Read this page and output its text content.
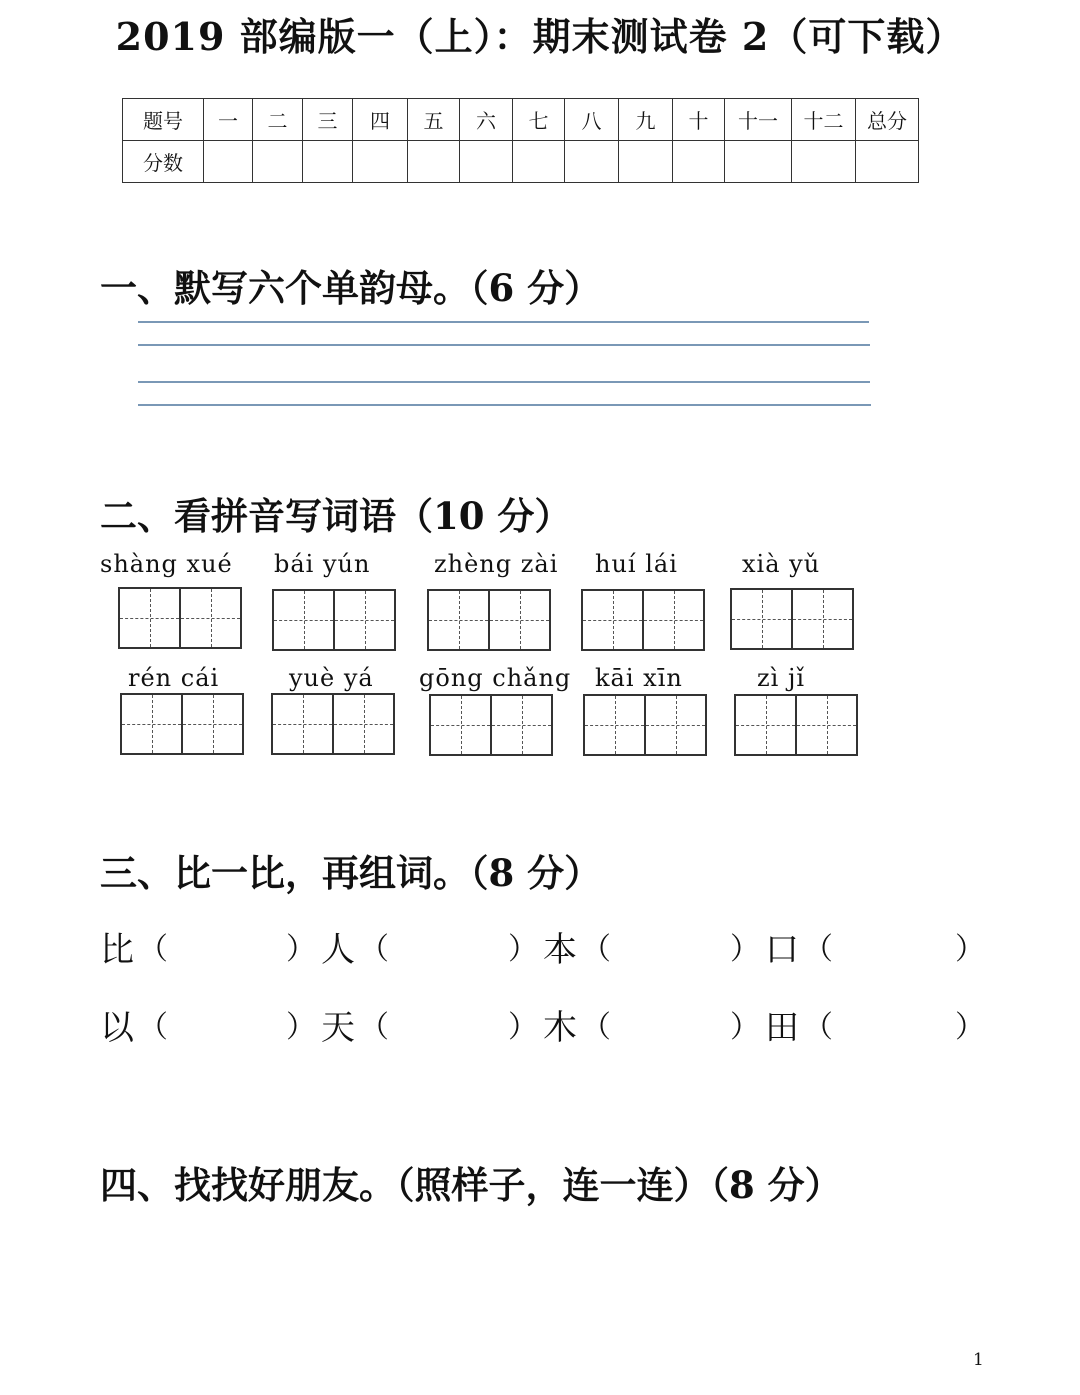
2019 部编版一（上）：期末测试卷 2（可下载）
题号	一	二	三	四	五	六	七	八	九	十	十一	十二	总分
分数													
一、默写六个单韵母。（6 分）
二、看拼音写词语（10 分）
shàng xué bái yún	zhèng zài huí lái	xià yǔ
rén cái	yuè yá gōng chǎng kāi xīn	zì jǐ
三、比一比，再组词。（8 分）
比 （	） 人 （	） 本 （	） 口 （	）
以 （	） 天 （	） 木 （	） 田 （	）
四、找找好朋友。（照样子，连一连）（8 分）
1
